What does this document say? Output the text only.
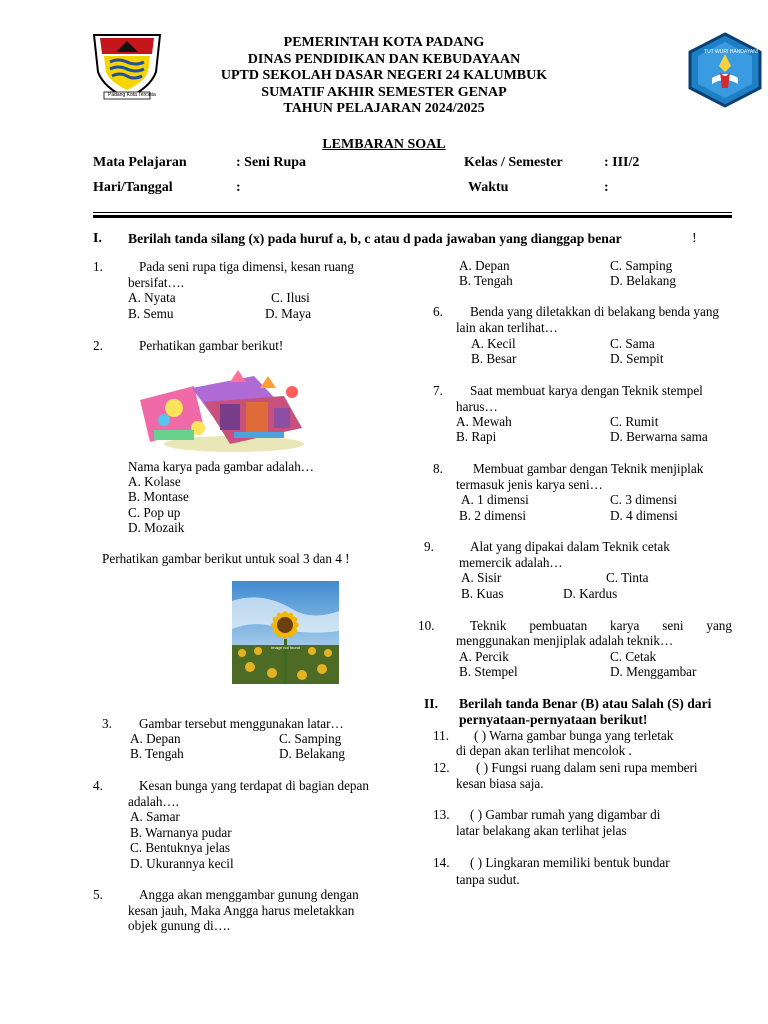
Padang Kota Tercinta
TUT WURI HANDAYANI
PEMERINTAH KOTA PADANG
DINAS PENDIDIKAN DAN KEBUDAYAAN
UPTD SEKOLAH DASAR NEGERI 24 KALUMBUK
SUMATIF AKHIR SEMESTER GENAP
TAHUN PELAJARAN 2024/2025
LEMBARAN SOAL
Mata Pelajaran	: Seni Rupa	Kelas / Semester	: III/2
Hari/Tanggal	:	Waktu	:
I. Berilah tanda silang (x) pada huruf a, b, c atau d pada jawaban yang dianggap benar	!
1.	Pada seni rupa tiga dimensi, kesan ruang bersifat….
A. Nyata	C. Ilusi
B. Semu	D. Maya
2.	Perhatikan gambar berikut!
Nama karya pada gambar adalah…
A. Kolase
B. Montase
C. Pop up
D. Mozaik
Perhatikan gambar berikut untuk soal 3 dan 4 !
Image not found
3. Gambar tersebut menggunakan latar…
A. Depan	C. Samping
B. Tengah	D. Belakang
4.	Kesan bunga yang terdapat di bagian depan adalah….
A. Samar
B. Warnanya pudar
C. Bentuknya jelas
D. Ukurannya kecil
5.	Angga akan menggambar gunung dengan kesan jauh, Maka Angga harus meletakkan objek gunung di….
A. Depan	C. Samping
B. Tengah	D. Belakang
6.	Benda yang diletakkan di belakang benda yang lain akan terlihat…
A. Kecil	C. Sama
B. Besar	D. Sempit
7.	Saat membuat karya dengan Teknik stempel harus…
A. Mewah	C. Rumit
B. Rapi	D. Berwarna sama
8.	Membuat gambar dengan Teknik menjiplak termasuk jenis karya seni…
A. 1 dimensi	C. 3 dimensi
B. 2 dimensi	D. 4 dimensi
9.	Alat yang dipakai dalam Teknik cetak memercik adalah…
A. Sisir	C. Tinta
B. Kuas	D. Kardus
10.	Teknik pembuatan karya seni yang
menggunakan menjiplak adalah teknik…
A. Percik	C. Cetak
B. Stempel	D. Menggambar
II. Berilah tanda Benar (B) atau Salah (S) dari
pernyataan-pernyataan berikut!
11. ( ) Warna gambar bunga yang terletak
di depan akan terlihat mencolok .
12. ( ) Fungsi ruang dalam seni rupa memberi
kesan biasa saja.
13. ( ) Gambar rumah yang digambar di
latar belakang akan terlihat jelas
14. ( ) Lingkaran memiliki bentuk bundar
tanpa sudut.
